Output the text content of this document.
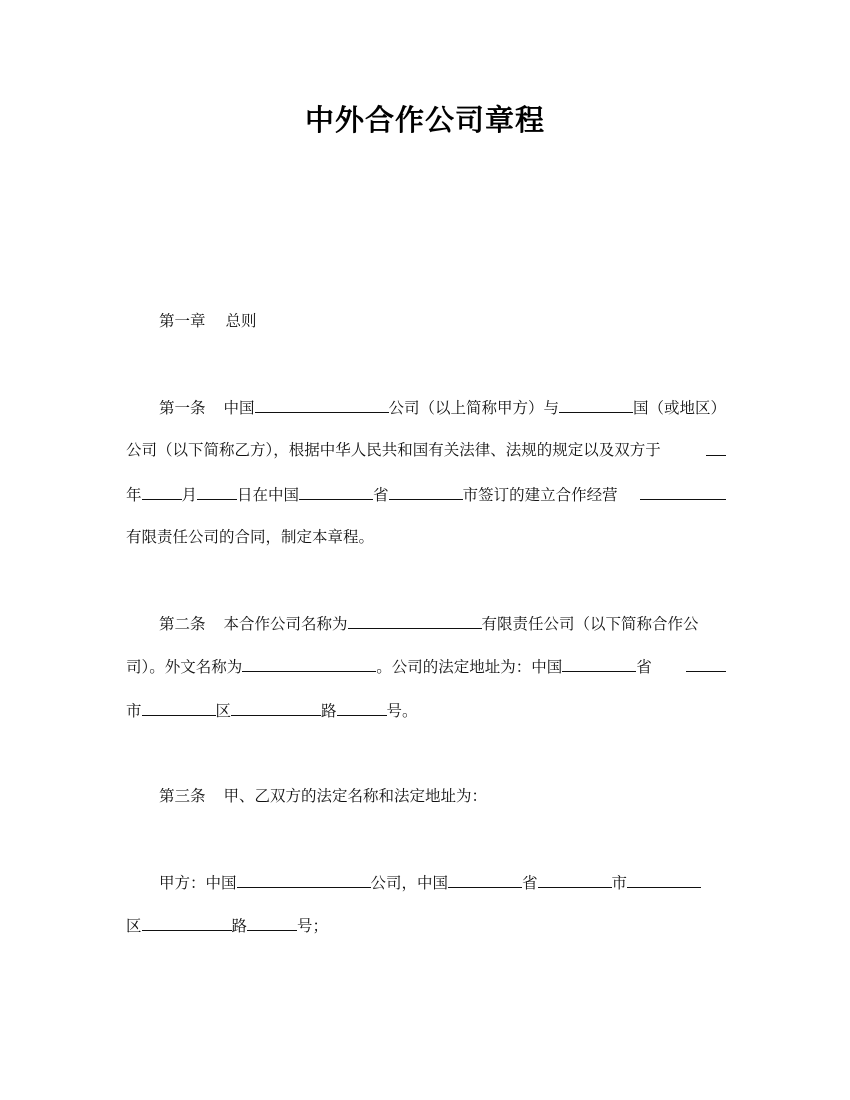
中外合作公司章程
第一章 总则
第一条 中国	公司（以上简称甲方）与	国（或地区）
公司（以下简称乙方），根据中华人民共和国有关法律、法规的规定以及双方于
年	月	日在中国	省	市签订的建立合作经营
有限责任公司的合同，制定本章程。
第二条 本合作公司名称为	有限责任公司（以下简称合作公
司）。外文名称为	。公司的法定地址为：中国	省
市	区	路	号。
第三条 甲、乙双方的法定名称和法定地址为：
甲方：中国	公司，中国	省	市
区	路	号；
